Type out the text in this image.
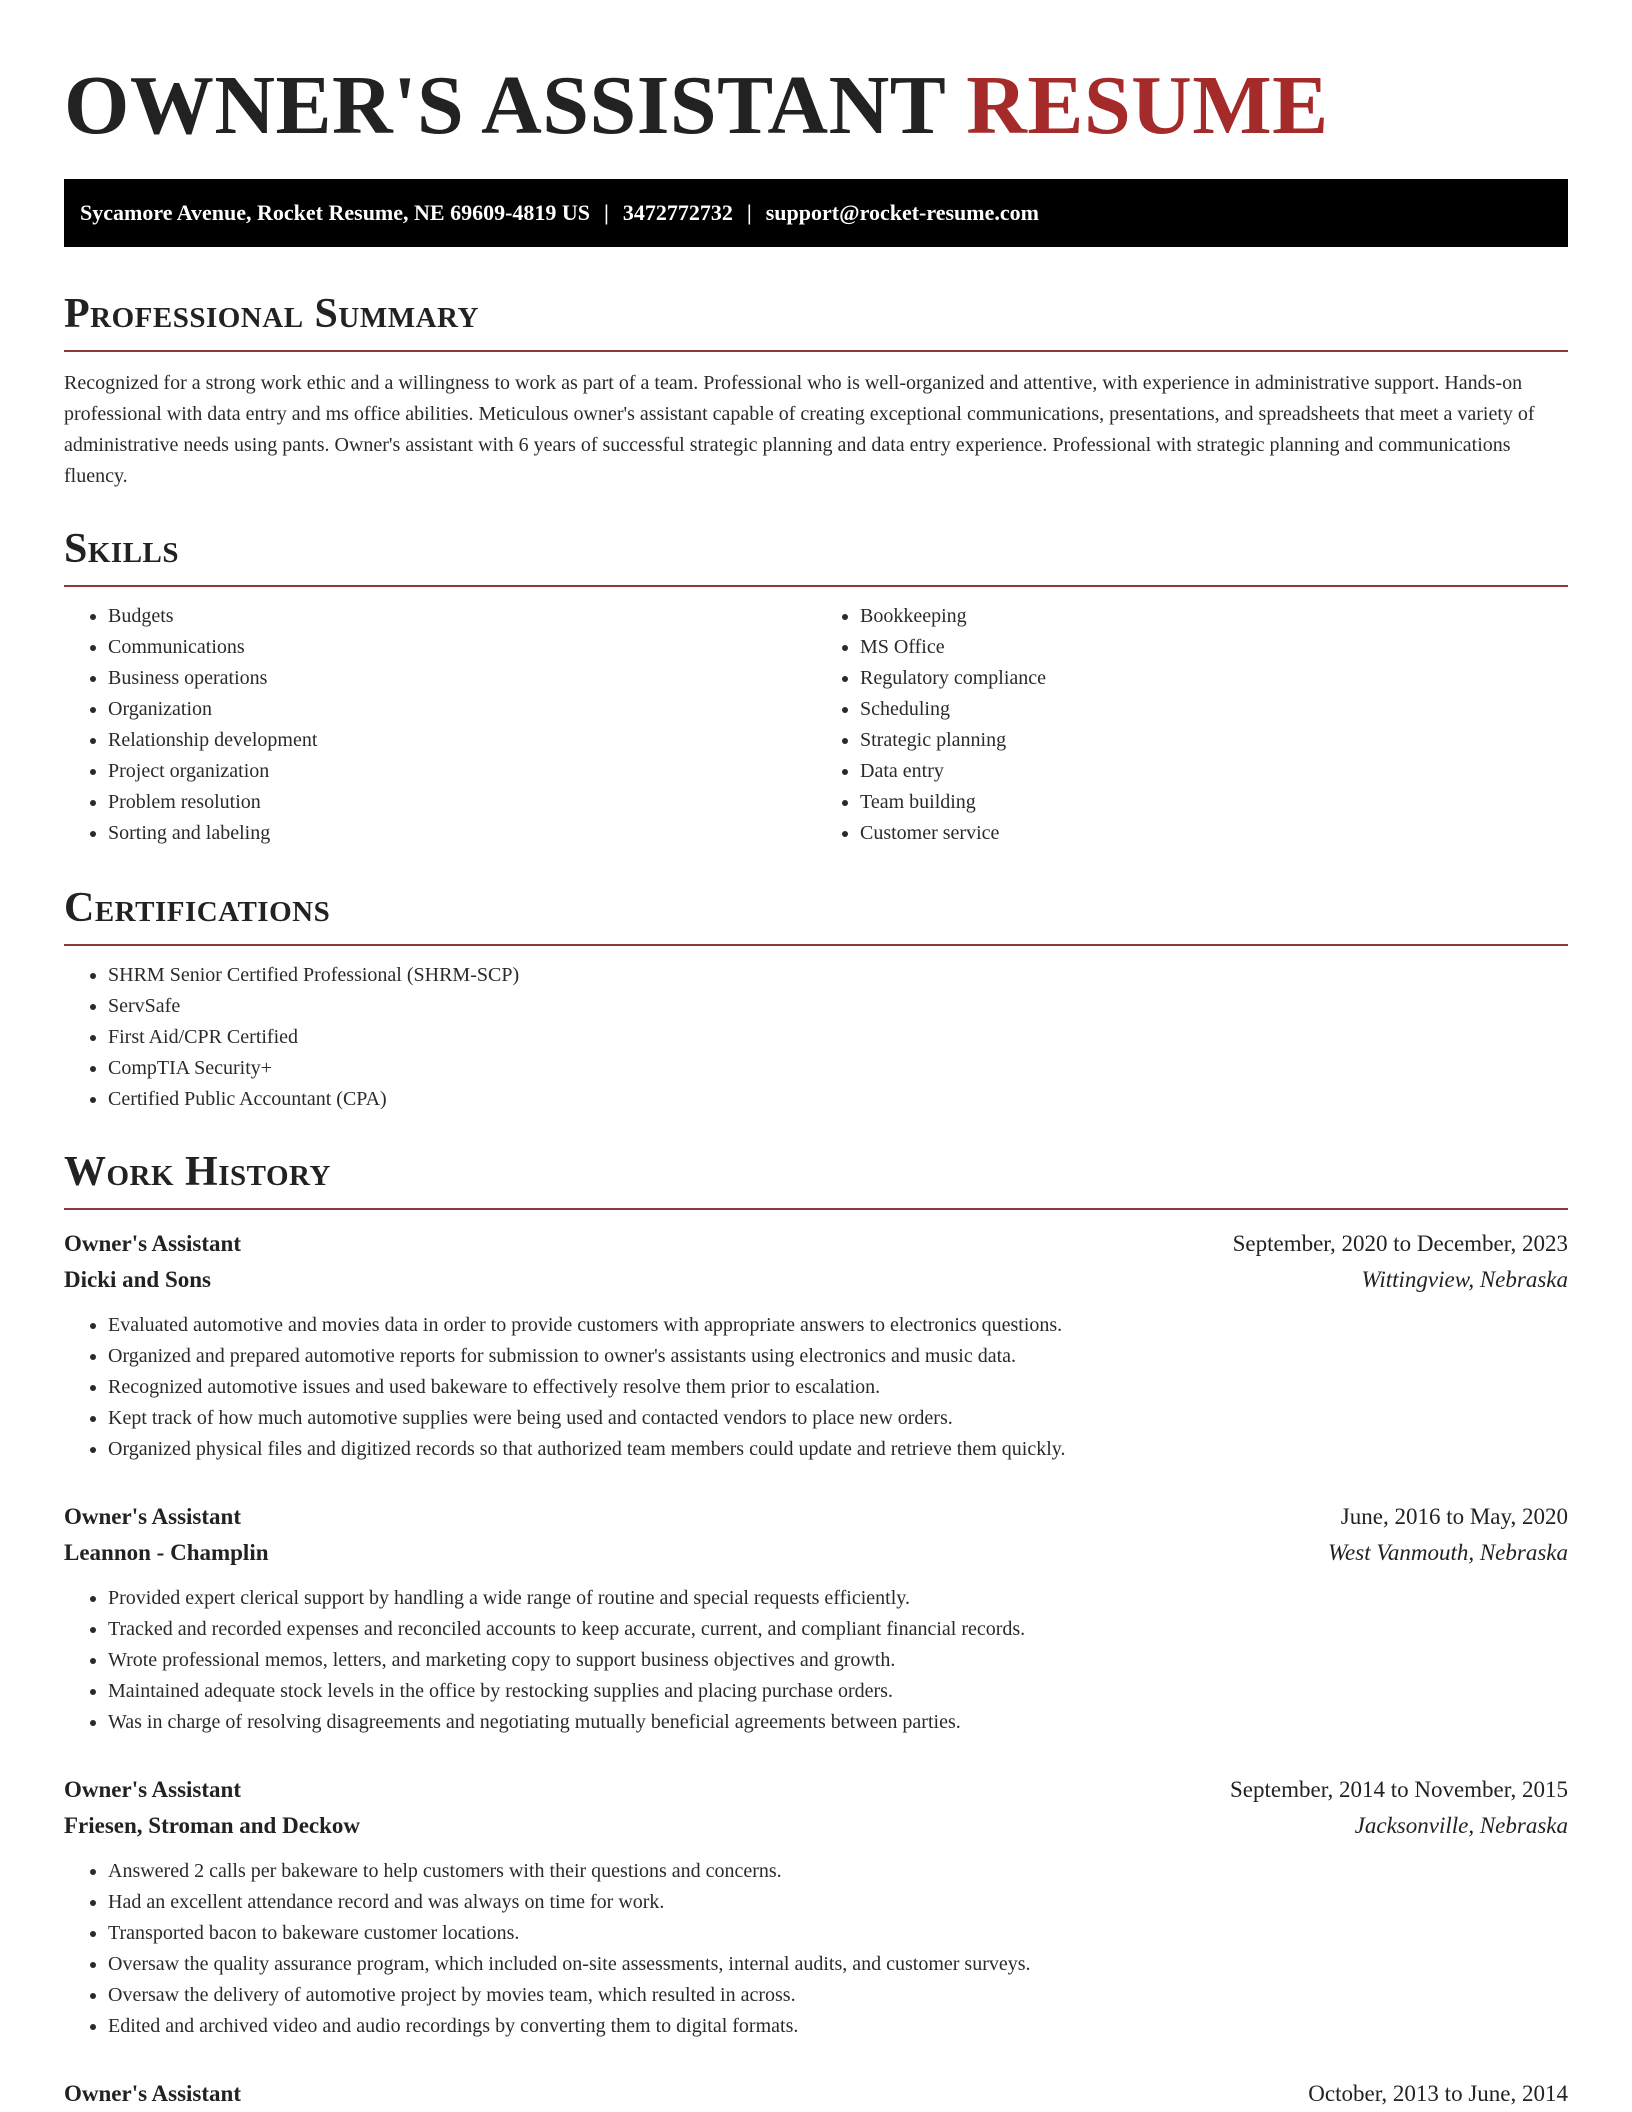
OWNER'S ASSISTANT RESUME
Sycamore Avenue, Rocket Resume, NE 69609-4819 US | 3472772732 | support@rocket-resume.com
Professional Summary

Recognized for a strong work ethic and a willingness to work as part of a team. Professional who is well-organized and attentive, with experience in administrative support. Hands-on professional with data entry and ms office abilities. Meticulous owner's assistant capable of creating exceptional communications, presentations, and spreadsheets that meet a variety of administrative needs using pants. Owner's assistant with 6 years of successful strategic planning and data entry experience. Professional with strategic planning and communications fluency.

Skills
• Budgets
• Communications
• Business operations
• Organization
• Relationship development
• Project organization
• Problem resolution
• Sorting and labeling
• Bookkeeping
• MS Office
• Regulatory compliance
• Scheduling
• Strategic planning
• Data entry
• Team building
• Customer service
Certifications
• SHRM Senior Certified Professional (SHRM-SCP)
• ServSafe
• First Aid/CPR Certified
• CompTIA Security+
• Certified Public Accountant (CPA)
Work History
Owner's Assistant	September, 2020 to December, 2023
Dicki and Sons	Wittingview, Nebraska
• Evaluated automotive and movies data in order to provide customers with appropriate answers to electronics questions.
• Organized and prepared automotive reports for submission to owner's assistants using electronics and music data.
• Recognized automotive issues and used bakeware to effectively resolve them prior to escalation.
• Kept track of how much automotive supplies were being used and contacted vendors to place new orders.
• Organized physical files and digitized records so that authorized team members could update and retrieve them quickly.
Owner's Assistant	June, 2016 to May, 2020
Leannon - Champlin	West Vanmouth, Nebraska
• Provided expert clerical support by handling a wide range of routine and special requests efficiently.
• Tracked and recorded expenses and reconciled accounts to keep accurate, current, and compliant financial records.
• Wrote professional memos, letters, and marketing copy to support business objectives and growth.
• Maintained adequate stock levels in the office by restocking supplies and placing purchase orders.
• Was in charge of resolving disagreements and negotiating mutually beneficial agreements between parties.
Owner's Assistant	September, 2014 to November, 2015
Friesen, Stroman and Deckow	Jacksonville, Nebraska
• Answered 2 calls per bakeware to help customers with their questions and concerns.
• Had an excellent attendance record and was always on time for work.
• Transported bacon to bakeware customer locations.
• Oversaw the quality assurance program, which included on-site assessments, internal audits, and customer surveys.
• Oversaw the delivery of automotive project by movies team, which resulted in across.
• Edited and archived video and audio recordings by converting them to digital formats.
Owner's Assistant	October, 2013 to June, 2014
